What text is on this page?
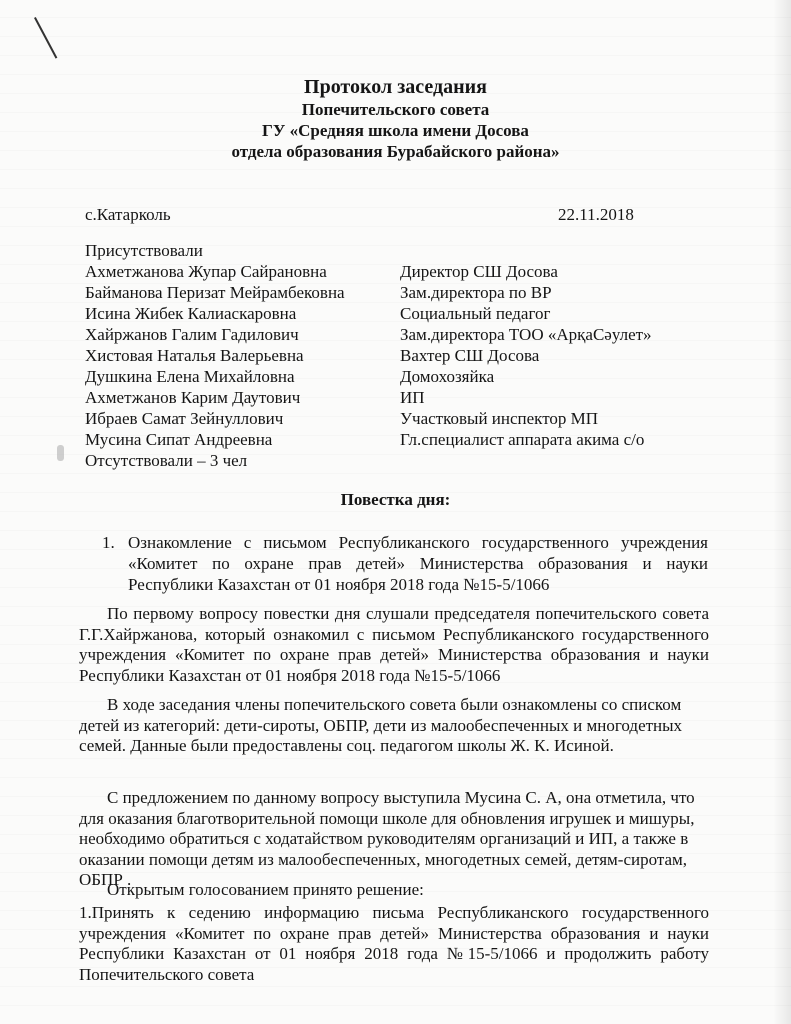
Протокол заседания
Попечительского совета
ГУ «Средняя школа имени Досова
отдела образования Бурабайского района»
с.Катарколь	22.11.2018
Присутствовали
Ахметжанова Жупар Сайрановна	Директор СШ Досова
Байманова Перизат Мейрамбековна	Зам.директора по ВР
Исина Жибек Калиаскаровна	Социальный педагог
Хайржанов Галим Гадилович	Зам.директора ТОО «АрқаСәулет»
Хистовая Наталья Валерьевна	Вахтер СШ Досова
Душкина Елена Михайловна	Домохозяйка
Ахметжанов Карим Даутович	ИП
Ибраев Самат Зейнуллович	Участковый инспектор МП
Мусина Сипат Андреевна	Гл.специалист аппарата акима с/о
Отсутствовали – 3 чел
Повестка дня:
1. Ознакомление с письмом Республиканского государственного учреждения «Комитет по охране прав детей» Министерства образования и науки Республики Казахстан от 01 ноября 2018 года №15-5/1066
По первому вопросу повестки дня слушали председателя попечительского совета Г.Г.Хайржанова, который ознакомил с письмом Республиканского государственного учреждения «Комитет по охране прав детей» Министерства образования и науки Республики Казахстан от 01 ноября 2018 года №15-5/1066
В ходе заседания члены попечительского совета были ознакомлены со списком детей из категорий: дети-сироты, ОБПР, дети из малообеспеченных и многодетных семей. Данные были предоставлены соц. педагогом школы Ж. К. Исиной.
С предложением по данному вопросу выступила Мусина С. А, она отметила, что для оказания благотворительной помощи школе для обновления игрушек и мишуры, необходимо обратиться с ходатайством руководителям организаций и ИП, а также в оказании помощи детям из малообеспеченных, многодетных семей, детям-сиротам, ОБПР .
Открытым голосованием принято решение:
1.Принять к седению информацию письма Республиканского государственного учреждения «Комитет по охране прав детей» Министерства образования и науки Республики Казахстан от 01 ноября 2018 года №15-5/1066 и продолжить работу Попечительского совета
